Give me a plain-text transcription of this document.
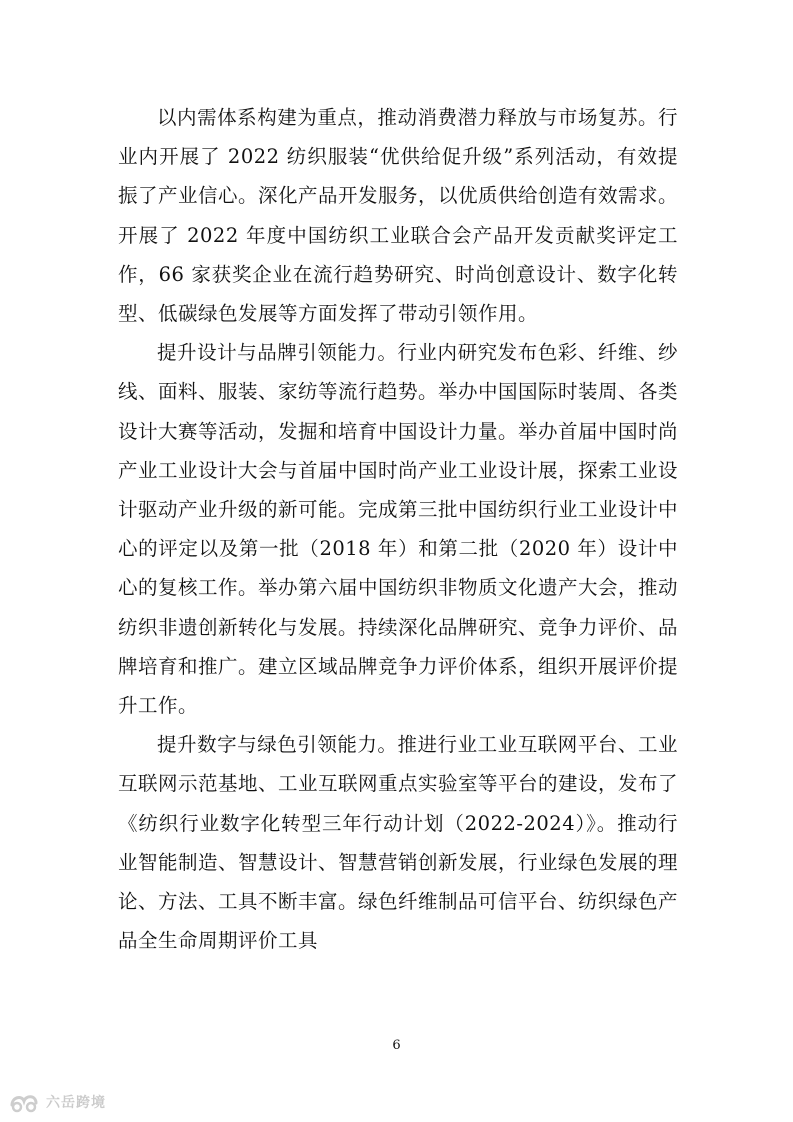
以内需体系构建为重点，推动消费潜力释放与市场复苏。行业内开展了 2022 纺织服装“优供给促升级”系列活动，有效提振了产业信心。深化产品开发服务，以优质供给创造有效需求。开展了 2022 年度中国纺织工业联合会产品开发贡献奖评定工作，66 家获奖企业在流行趋势研究、时尚创意设计、数字化转型、低碳绿色发展等方面发挥了带动引领作用。

提升设计与品牌引领能力。行业内研究发布色彩、纤维、纱线、面料、服装、家纺等流行趋势。举办中国国际时装周、各类设计大赛等活动，发掘和培育中国设计力量。举办首届中国时尚产业工业设计大会与首届中国时尚产业工业设计展，探索工业设计驱动产业升级的新可能。完成第三批中国纺织行业工业设计中心的评定以及第一批（2018 年）和第二批（2020 年）设计中心的复核工作。举办第六届中国纺织非物质文化遗产大会，推动纺织非遗创新转化与发展。持续深化品牌研究、竞争力评价、品牌培育和推广。建立区域品牌竞争力评价体系，组织开展评价提升工作。

提升数字与绿色引领能力。推进行业工业互联网平台、工业互联网示范基地、工业互联网重点实验室等平台的建设，发布了《纺织行业数字化转型三年行动计划（2022-2024）》。推动行业智能制造、智慧设计、智慧营销创新发展，行业绿色发展的理论、方法、工具不断丰富。绿色纤维制品可信平台、纺织绿色产品全生命周期评价工具

6
六岳跨境
